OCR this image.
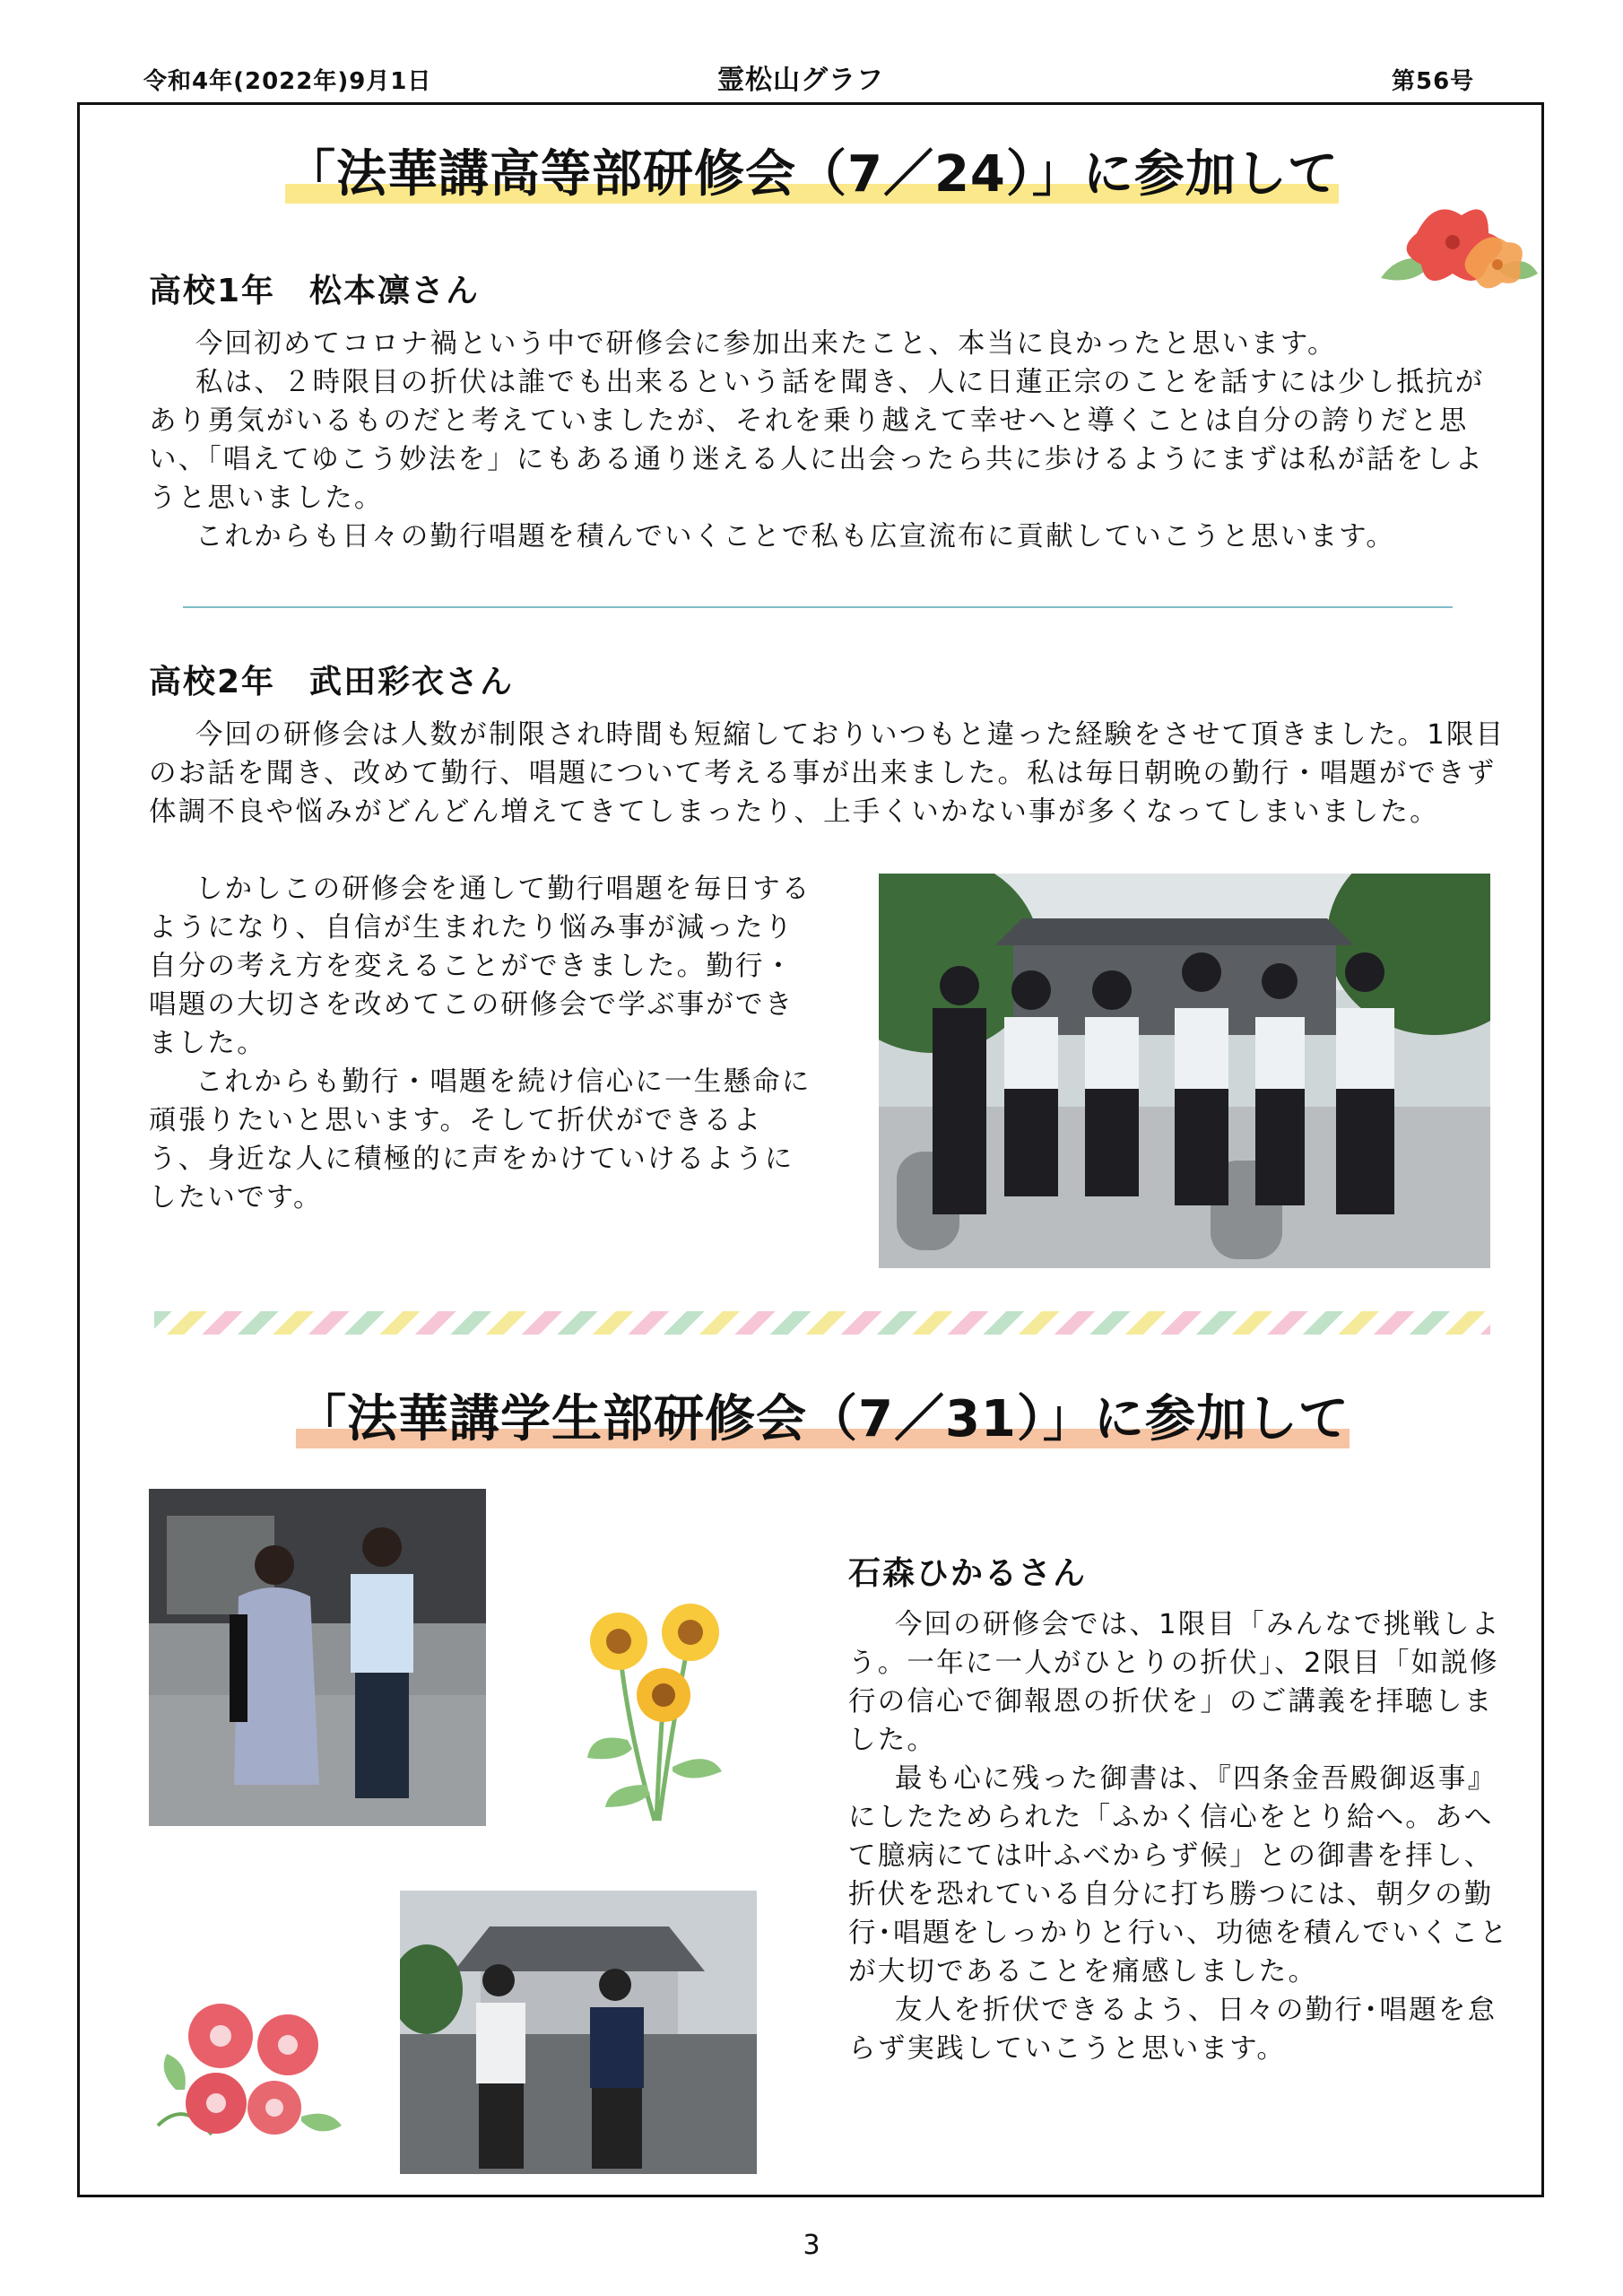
令和4年(2022年)9月1日	霊松山グラフ	第56号
「法華講高等部研修会（7／24）」に参加して
高校1年　松本凛さん

今回初めてコロナ禍という中で研修会に参加出来たこと、本当に良かったと思います。

私は、２時限目の折伏は誰でも出来るという話を聞き、人に日蓮正宗のことを話すには少し抵抗があり勇気がいるものだと考えていましたが、それを乗り越えて幸せへと導くことは自分の誇りだと思い、「唱えてゆこう妙法を」にもある通り迷える人に出会ったら共に歩けるようにまずは私が話をしようと思いました。

これからも日々の勤行唱題を積んでいくことで私も広宣流布に貢献していこうと思います。

高校2年　武田彩衣さん

今回の研修会は人数が制限され時間も短縮しておりいつもと違った経験をさせて頂きました。1限目のお話を聞き、改めて勤行、唱題について考える事が出来ました。私は毎日朝晩の勤行・唱題ができず体調不良や悩みがどんどん増えてきてしまったり、上手くいかない事が多くなってしまいました。

しかしこの研修会を通して勤行唱題を毎日するようになり、自信が生まれたり悩み事が減ったり自分の考え方を変えることができました。勤行・唱題の大切さを改めてこの研修会で学ぶ事ができました。

これからも勤行・唱題を続け信心に一生懸命に頑張りたいと思います。そして折伏ができるよう、身近な人に積極的に声をかけていけるようにしたいです。

「法華講学生部研修会（7／31）」に参加して
石森ひかるさん

今回の研修会では、1限目「みんなで挑戦しよう。一年に一人がひとりの折伏」、2限目「如説修行の信心で御報恩の折伏を」のご講義を拝聴しました。

最も心に残った御書は、『四条金吾殿御返事』にしたためられた「ふかく信心をとり給へ。あへて臆病にては叶ふべからず候」との御書を拝し、折伏を恐れている自分に打ち勝つには、朝夕の勤行･唱題をしっかりと行い、功徳を積んでいくことが大切であることを痛感しました。

友人を折伏できるよう、日々の勤行･唱題を怠らず実践していこうと思います。

3
